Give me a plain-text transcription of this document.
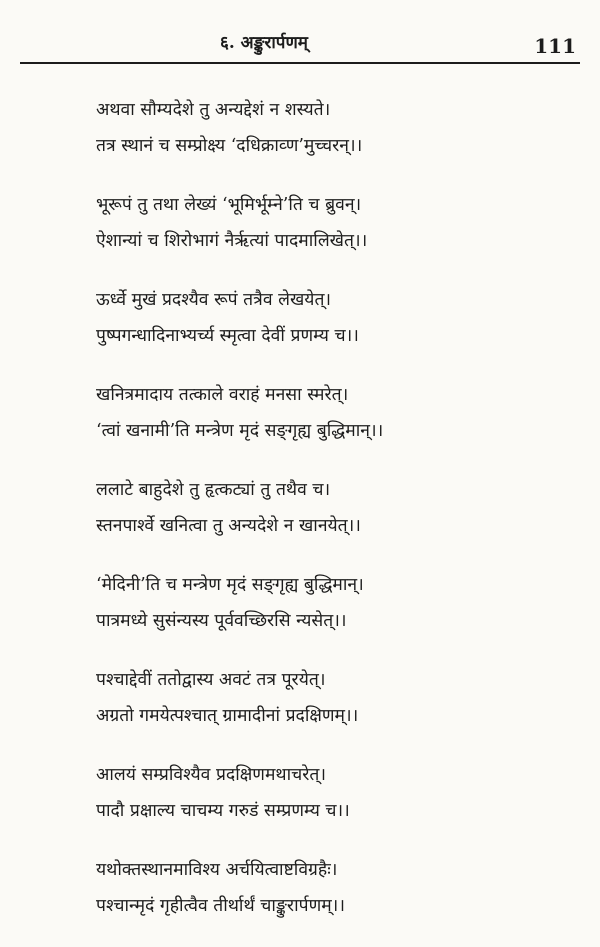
६. अङ्कुरार्पणम्	111
अथवा सौम्यदेशे तु अन्यद्देशं न शस्यते।
तत्र स्थानं च सम्प्रोक्ष्य ‘दधिक्राव्ण’मुच्चरन्।।
भूरूपं तु तथा लेख्यं ‘भूमिर्भूम्ने’ति च ब्रुवन्।
ऐशान्यां च शिरोभागं नैर्ऋत्यां पादमालिखेत्।।
ऊर्ध्वे मुखं प्रदश्यैव रूपं तत्रैव लेखयेत्।
पुष्पगन्धादिनाभ्यर्च्य स्मृत्वा देवीं प्रणम्य च।।
खनित्रमादाय तत्काले वराहं मनसा स्मरेत्।
‘त्वां खनामी’ति मन्त्रेण मृदं सङ्गृह्य बुद्धिमान्।।
ललाटे बाहुदेशे तु हृत्कट्यां तु तथैव च।
स्तनपार्श्वे खनित्वा तु अन्यदेशे न खानयेत्।।
‘मेदिनी’ति च मन्त्रेण मृदं सङ्गृह्य बुद्धिमान्।
पात्रमध्ये सुसंन्यस्य पूर्ववच्छिरसि न्यसेत्।।
पश्चाद्देवीं ततोद्वास्य अवटं तत्र पूरयेत्।
अग्रतो गमयेत्पश्चात् ग्रामादीनां प्रदक्षिणम्।।
आलयं सम्प्रविश्यैव प्रदक्षिणमथाचरेत्।
पादौ प्रक्षाल्य चाचम्य गरुडं सम्प्रणम्य च।।
यथोक्तस्थानमाविश्य अर्चयित्वाष्टविग्रहैः।
पश्चान्मृदं गृहीत्वैव तीर्थार्थं चाङ्कुरार्पणम्।।
